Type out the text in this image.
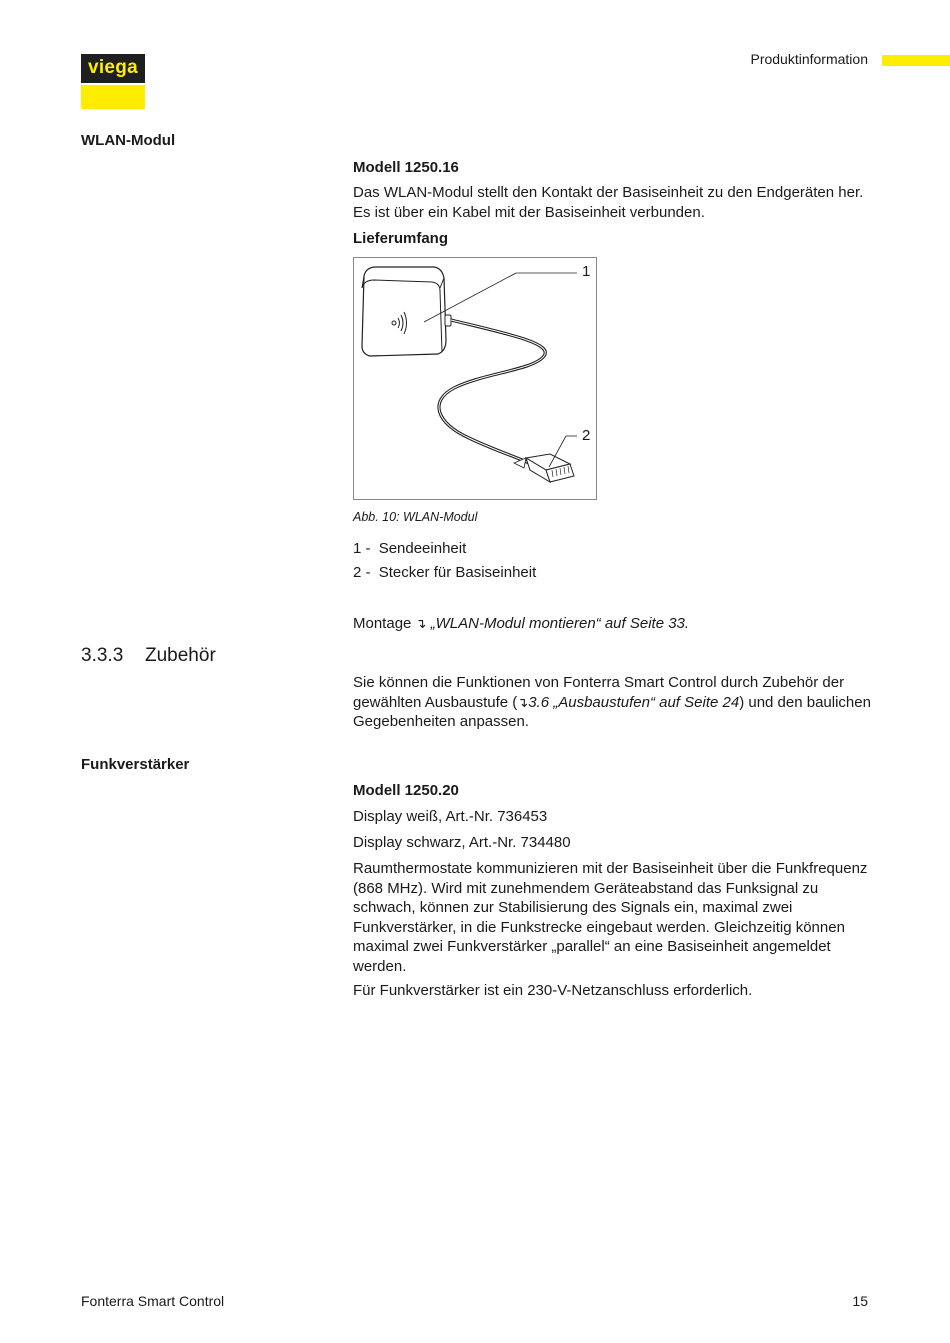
viega	Produktinformation
WLAN-Modul
Modell 1250.16
Das WLAN-Modul stellt den Kontakt der Basiseinheit zu den Endgeräten her. Es ist über ein Kabel mit der Basiseinheit verbunden.
Lieferumfang
1
2
Abb. 10: WLAN-Modul
1 - Sendeeinheit
2 - Stecker für Basiseinheit
Montage ↴ „WLAN-Modul montieren“ auf Seite 33.
3.3.3 Zubehör
Sie können die Funktionen von Fonterra Smart Control durch Zubehör der gewählten Ausbaustufe (↴3.6 „Ausbaustufen“ auf Seite 24) und den baulichen Gegebenheiten anpassen.
Funkverstärker
Modell 1250.20
Display weiß, Art.-Nr. 736453
Display schwarz, Art.-Nr. 734480
Raumthermostate kommunizieren mit der Basiseinheit über die Funkfrequenz (868 MHz). Wird mit zunehmendem Geräteabstand das Funksignal zu schwach, können zur Stabilisierung des Signals ein, maximal zwei Funkverstärker, in die Funkstrecke eingebaut werden. Gleichzeitig können maximal zwei Funkverstärker „parallel“ an eine Basiseinheit angemeldet werden.
Für Funkverstärker ist ein 230-V-Netzanschluss erforderlich.
Fonterra Smart Control	15
